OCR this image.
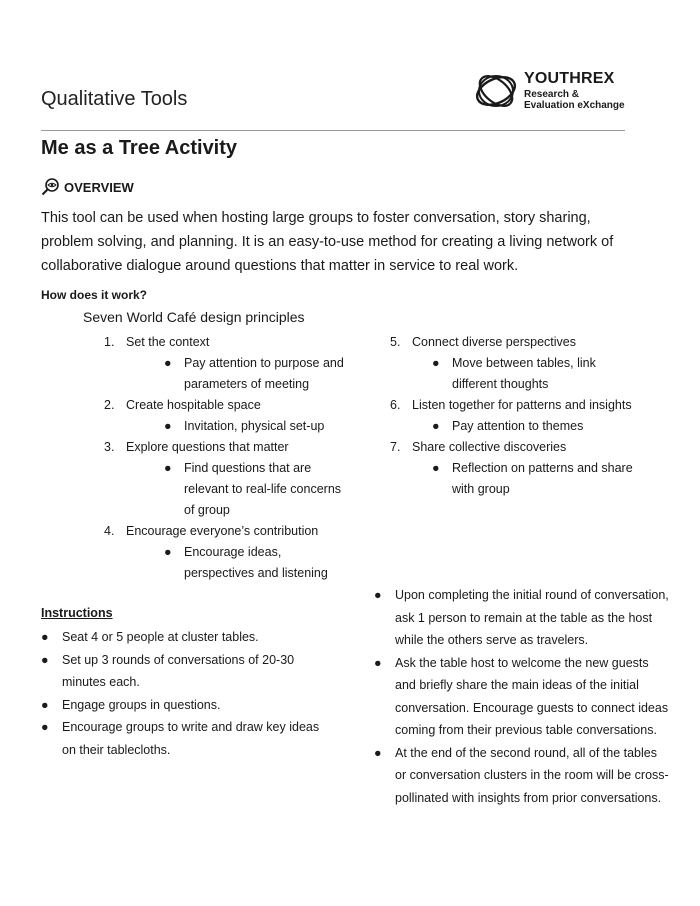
Qualitative Tools
YOUTHREX
Research &
Evaluation eXchange
Me as a Tree Activity
OVERVIEW
This tool can be used when hosting large groups to foster conversation, story sharing, problem solving, and planning. It is an easy-to-use method for creating a living network of collaborative dialogue around questions that matter in service to real work.
How does it work?
Seven World Café design principles
1. Set the context
● Pay attention to purpose and parameters of meeting
2. Create hospitable space
● Invitation, physical set-up
3. Explore questions that matter
● Find questions that are relevant to real-life concerns of group
4. Encourage everyone’s contribution
● Encourage ideas, perspectives and listening
5. Connect diverse perspectives
● Move between tables, link different thoughts
6. Listen together for patterns and insights
● Pay attention to themes
7. Share collective discoveries
● Reflection on patterns and share with group
Instructions
● Seat 4 or 5 people at cluster tables.
● Set up 3 rounds of conversations of 20-30 minutes each.
● Engage groups in questions.
● Encourage groups to write and draw key ideas on their tablecloths.
● Upon completing the initial round of conversation, ask 1 person to remain at the table as the host while the others serve as travelers.
● Ask the table host to welcome the new guests and briefly share the main ideas of the initial conversation. Encourage guests to connect ideas coming from their previous table conversations.
● At the end of the second round, all of the tables or conversation clusters in the room will be cross-pollinated with insights from prior conversations.
